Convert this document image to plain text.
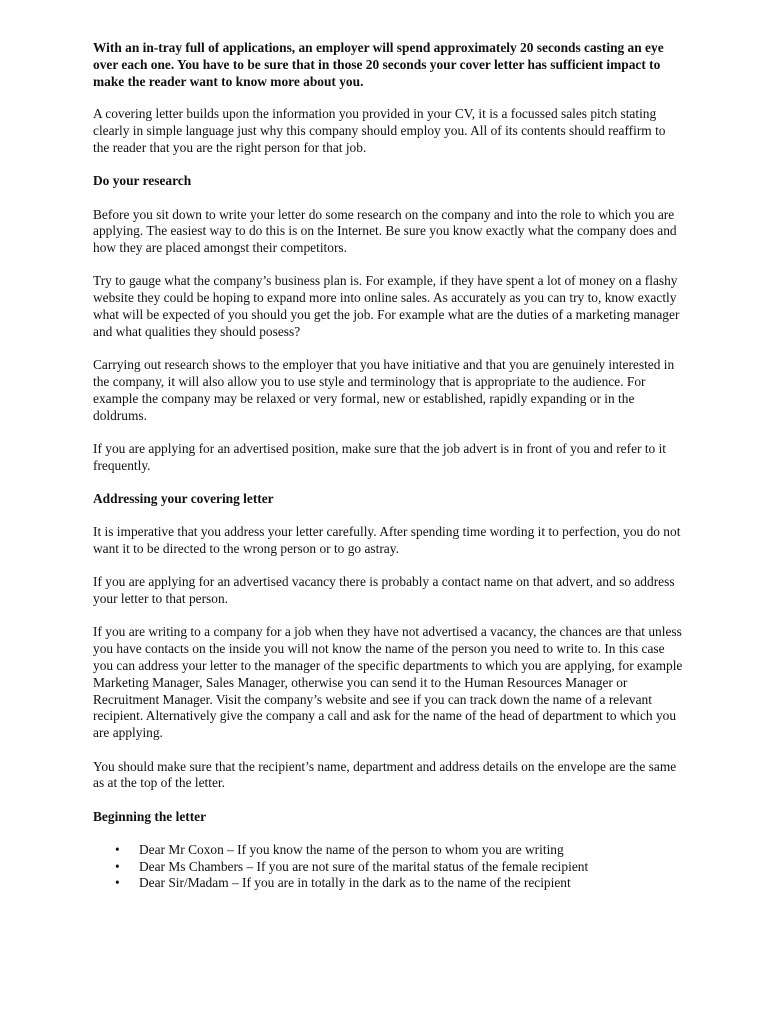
With an in-tray full of applications, an employer will spend approximately 20 seconds casting an eye over each one. You have to be sure that in those 20 seconds your cover letter has sufficient impact to make the reader want to know more about you.

A covering letter builds upon the information you provided in your CV, it is a focussed sales pitch stating clearly in simple language just why this company should employ you. All of its contents should reaffirm to the reader that you are the right person for that job.

Do your research

Before you sit down to write your letter do some research on the company and into the role to which you are applying. The easiest way to do this is on the Internet. Be sure you know exactly what the company does and how they are placed amongst their competitors.

Try to gauge what the company’s business plan is. For example, if they have spent a lot of money on a flashy website they could be hoping to expand more into online sales. As accurately as you can try to, know exactly what will be expected of you should you get the job. For example what are the duties of a marketing manager and what qualities they should posess?

Carrying out research shows to the employer that you have initiative and that you are genuinely interested in the company, it will also allow you to use style and terminology that is appropriate to the audience. For example the company may be relaxed or very formal, new or established, rapidly expanding or in the doldrums.

If you are applying for an advertised position, make sure that the job advert is in front of you and refer to it frequently.

Addressing your covering letter

It is imperative that you address your letter carefully. After spending time wording it to perfection, you do not want it to be directed to the wrong person or to go astray.

If you are applying for an advertised vacancy there is probably a contact name on that advert, and so address your letter to that person.

If you are writing to a company for a job when they have not advertised a vacancy, the chances are that unless you have contacts on the inside you will not know the name of the person you need to write to. In this case you can address your letter to the manager of the specific departments to which you are applying, for example Marketing Manager, Sales Manager, otherwise you can send it to the Human Resources Manager or Recruitment Manager. Visit the company’s website and see if you can track down the name of a relevant recipient. Alternatively give the company a call and ask for the name of the head of department to which you are applying.

You should make sure that the recipient’s name, department and address details on the envelope are the same as at the top of the letter.

Beginning the letter

• Dear Mr Coxon – If you know the name of the person to whom you are writing
• Dear Ms Chambers – If you are not sure of the marital status of the female recipient
• Dear Sir/Madam – If you are in totally in the dark as to the name of the recipient
